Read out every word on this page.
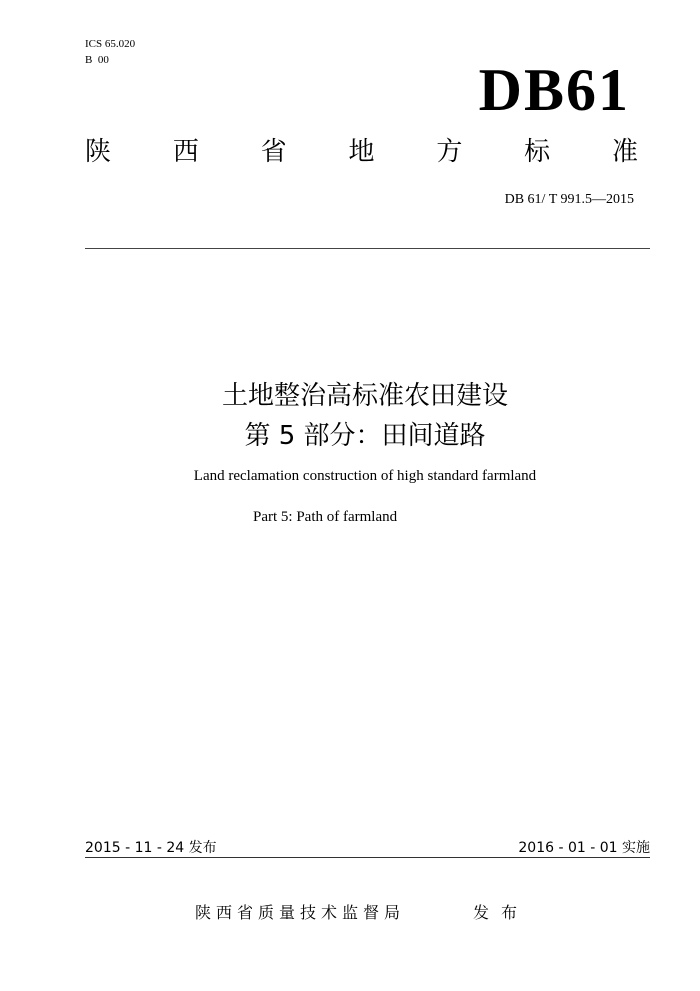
ICS 65.020
B  00	DB61
陕 西 省 地 方 标 准
DB 61/ T 991.5—2015
土地整治高标准农田建设
第 5 部分：田间道路
Land reclamation construction of high standard farmland
Part 5: Path of farmland
2015 - 11 - 24 发布	2016 - 01 - 01 实施
陕西省质量技术监督局	发布
